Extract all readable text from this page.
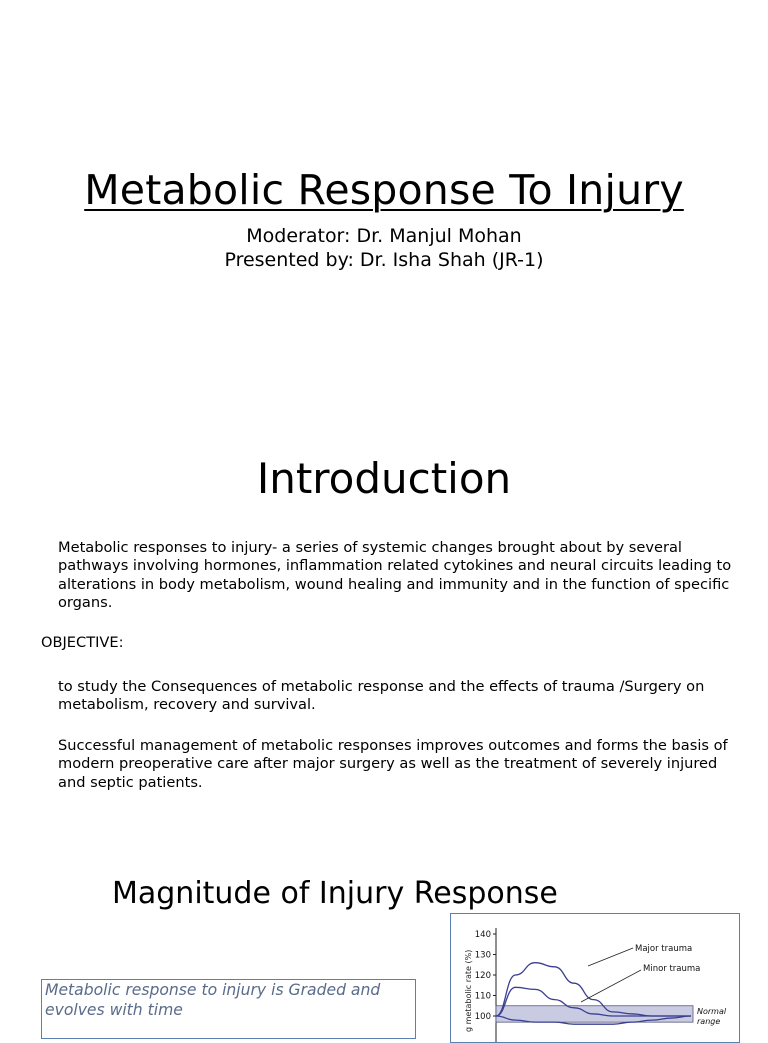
Metabolic Response To Injury
Moderator: Dr. Manjul Mohan
Presented by: Dr. Isha Shah (JR-1)
Introduction
Metabolic responses to injury- a series of systemic changes brought about by several pathways involving hormones, inflammation related cytokines and neural circuits leading to alterations in body metabolism, wound healing and immunity and in the function of specific organs.
OBJECTIVE:
to study the Consequences of metabolic response and the effects of trauma /Surgery on metabolism, recovery and survival.
Successful management of metabolic responses improves outcomes and forms the basis of modern preoperative care after major surgery as well as the treatment of severely injured and septic patients.
Magnitude of Injury Response
Metabolic response to injury is Graded and evolves with time	g metabolic rate (%)
140
130
120
110
100
Major trauma
Minor trauma
Normal
range
